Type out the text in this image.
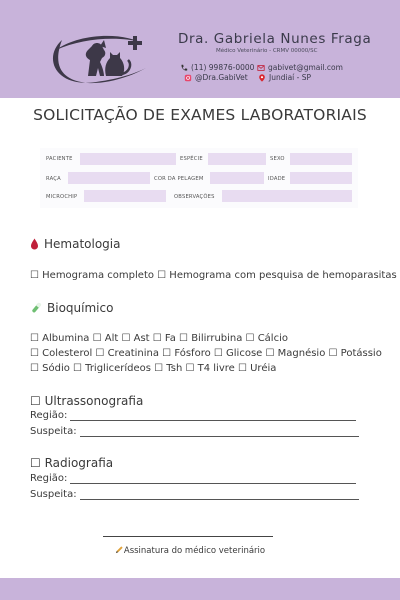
Dra. Gabriela Nunes Fraga
Médico Veterinário - CRMV 00000/SC
(11) 99876-0000 gabivet@gmail.com
@Dra.GabiVet	Jundiaí - SP
SOLICITAÇÃO DE EXAMES LABORATORIAIS
PACIENTE	ESPÉCIE	SEXO
RAÇA	COR DA PELAGEM	IDADE
MICROCHIP	OBSERVAÇÕES
Hematologia
☐ Hemograma completo ☐ Hemograma com pesquisa de hemoparasitas
Bioquímico
☐ Albumina ☐ Alt ☐ Ast ☐ Fa ☐ Bilirrubina ☐ Cálcio
☐ Colesterol ☐ Creatinina ☐ Fósforo ☐ Glicose ☐ Magnésio ☐ Potássio
☐ Sódio ☐ Triglicerídeos ☐ Tsh ☐ T4 livre ☐ Uréia
☐ Ultrassonografia
Região:
Suspeita:
☐ Radiografia
Região:
Suspeita:
Assinatura do médico veterinário
